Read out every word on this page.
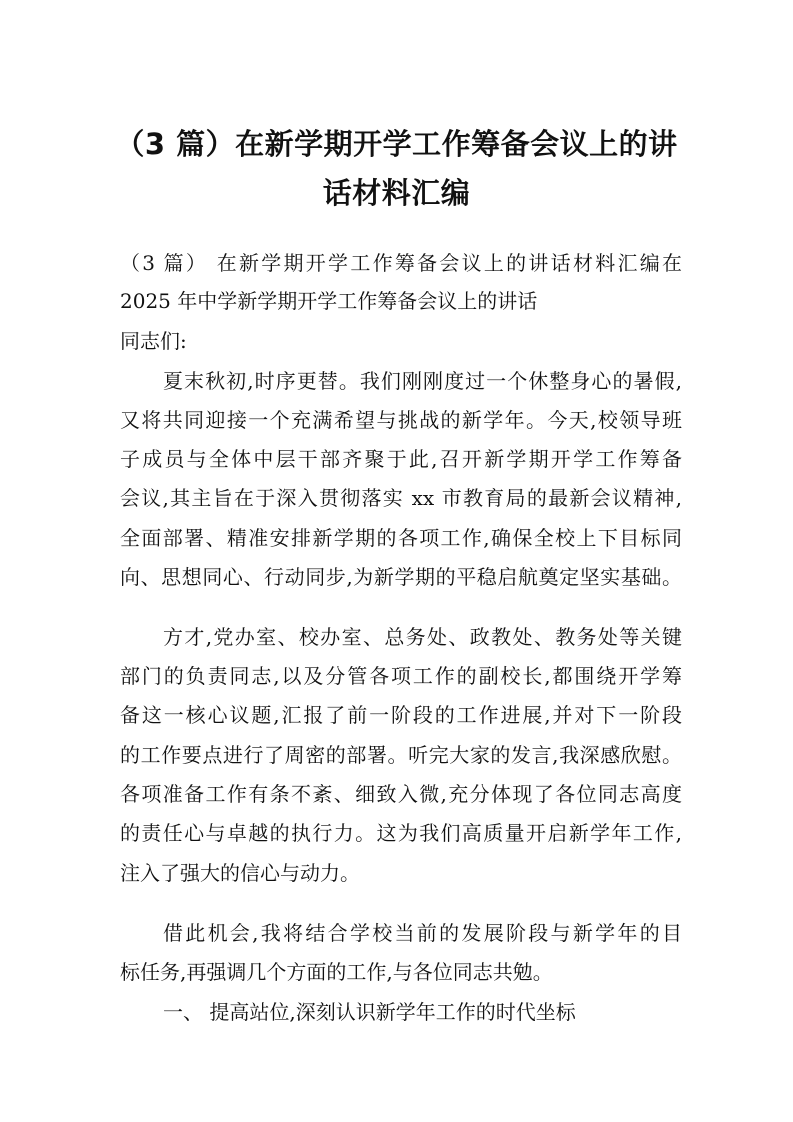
（3 篇）在新学期开学工作筹备会议上的讲
话材料汇编

（3 篇） 在新学期开学工作筹备会议上的讲话材料汇编在

2025 年中学新学期开学工作筹备会议上的讲话

同志们:

夏末秋初,时序更替。我们刚刚度过一个休整身心的暑假,

又将共同迎接一个充满希望与挑战的新学年。今天,校领导班

子成员与全体中层干部齐聚于此,召开新学期开学工作筹备

会议,其主旨在于深入贯彻落实 xx 市教育局的最新会议精神,

全面部署、精准安排新学期的各项工作,确保全校上下目标同

向、思想同心、行动同步,为新学期的平稳启航奠定坚实基础。

方才,党办室、校办室、总务处、政教处、教务处等关键

部门的负责同志,以及分管各项工作的副校长,都围绕开学筹

备这一核心议题,汇报了前一阶段的工作进展,并对下一阶段

的工作要点进行了周密的部署。听完大家的发言,我深感欣慰。

各项准备工作有条不紊、细致入微,充分体现了各位同志高度

的责任心与卓越的执行力。这为我们高质量开启新学年工作,

注入了强大的信心与动力。

借此机会,我将结合学校当前的发展阶段与新学年的目

标任务,再强调几个方面的工作,与各位同志共勉。

一、 提高站位,深刻认识新学年工作的时代坐标
